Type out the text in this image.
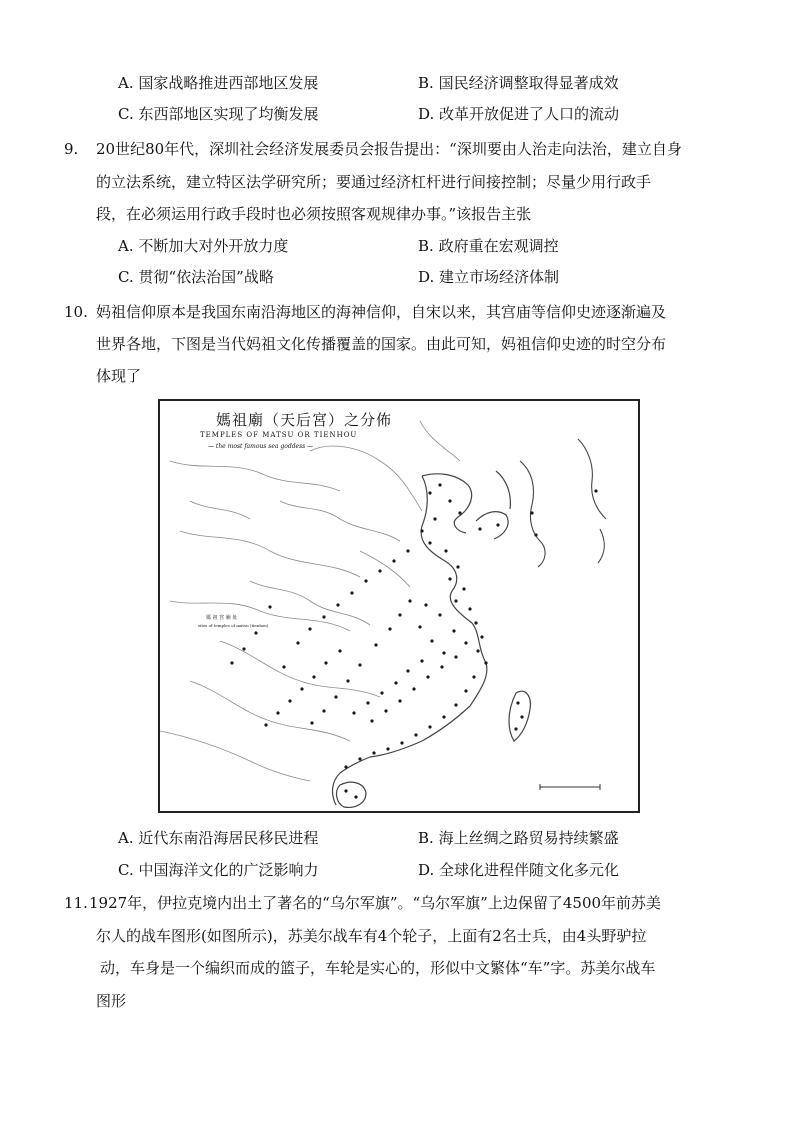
A. 国家战略推进西部地区发展	B. 国民经济调整取得显著成效
C. 东西部地区实现了均衡发展	D. 改革开放促进了人口的流动
9. 20世纪80年代，深圳社会经济发展委员会报告提出：“深圳要由人治走向法治，建立自身
的立法系统，建立特区法学研究所；要通过经济杠杆进行间接控制；尽量少用行政手
段，在必须运用行政手段时也必须按照客观规律办事。”该报告主张
A. 不断加大对外开放力度	B. 政府重在宏观调控
C. 贯彻“依法治国”战略	D. 建立市场经济体制
10. 妈祖信仰原本是我国东南沿海地区的海神信仰，自宋以来，其宫庙等信仰史迹逐渐遍及
世界各地，下图是当代妈祖文化传播覆盖的国家。由此可知，妈祖信仰史迹的时空分布
体现了
媽祖廟（天后宮）之分佈
TEMPLES OF MATSU OR TIENHOU
— the most famous sea goddess —
媽 祖 宮 廟 址
sites of temples of matsu (tienhou)
A. 近代东南沿海居民移民进程	B. 海上丝绸之路贸易持续繁盛
C. 中国海洋文化的广泛影响力	D. 全球化进程伴随文化多元化
11. 1927年，伊拉克境内出土了著名的“乌尔军旗”。“乌尔军旗”上边保留了4500年前苏美
尔人的战车图形(如图所示)，苏美尔战车有4个轮子，上面有2名士兵，由4头野驴拉
动，车身是一个编织而成的篮子，车轮是实心的，形似中文繁体“车”字。苏美尔战车
图形
